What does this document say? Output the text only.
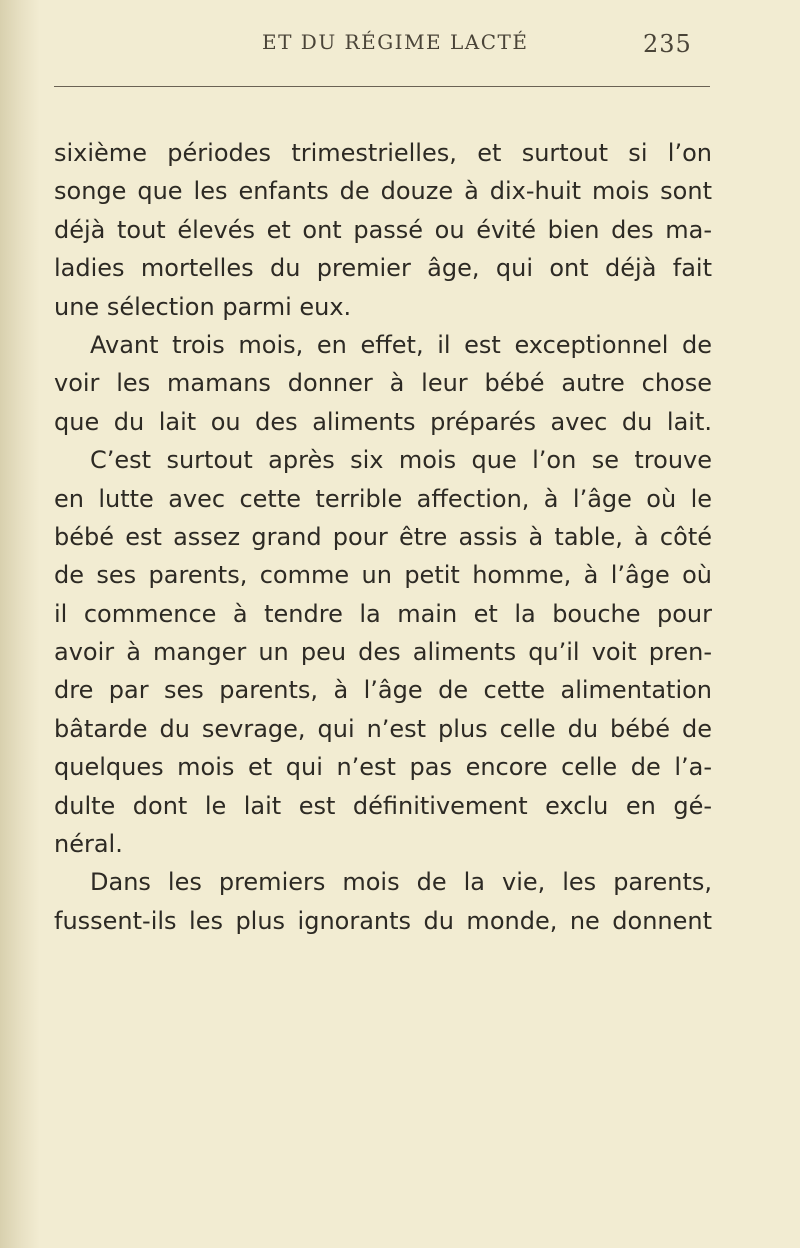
ET DU RÉGIME LACTÉ	235
sixième périodes trimestrielles, et surtout si l’on
songe que les enfants de douze à dix-huit mois sont
déjà tout élevés et ont passé ou évité bien des ma-
ladies mortelles du premier âge, qui ont déjà fait
une sélection parmi eux.
Avant trois mois, en effet, il est exceptionnel de
voir les mamans donner à leur bébé autre chose
que du lait ou des aliments préparés avec du lait.
C’est surtout après six mois que l’on se trouve
en lutte avec cette terrible affection, à l’âge où le
bébé est assez grand pour être assis à table, à côté
de ses parents, comme un petit homme, à l’âge où
il commence à tendre la main et la bouche pour
avoir à manger un peu des aliments qu’il voit pren-
dre par ses parents, à l’âge de cette alimentation
bâtarde du sevrage, qui n’est plus celle du bébé de
quelques mois et qui n’est pas encore celle de l’a-
dulte dont le lait est définitivement exclu en gé-
néral.
Dans les premiers mois de la vie, les parents,
fussent-ils les plus ignorants du monde, ne donnent
